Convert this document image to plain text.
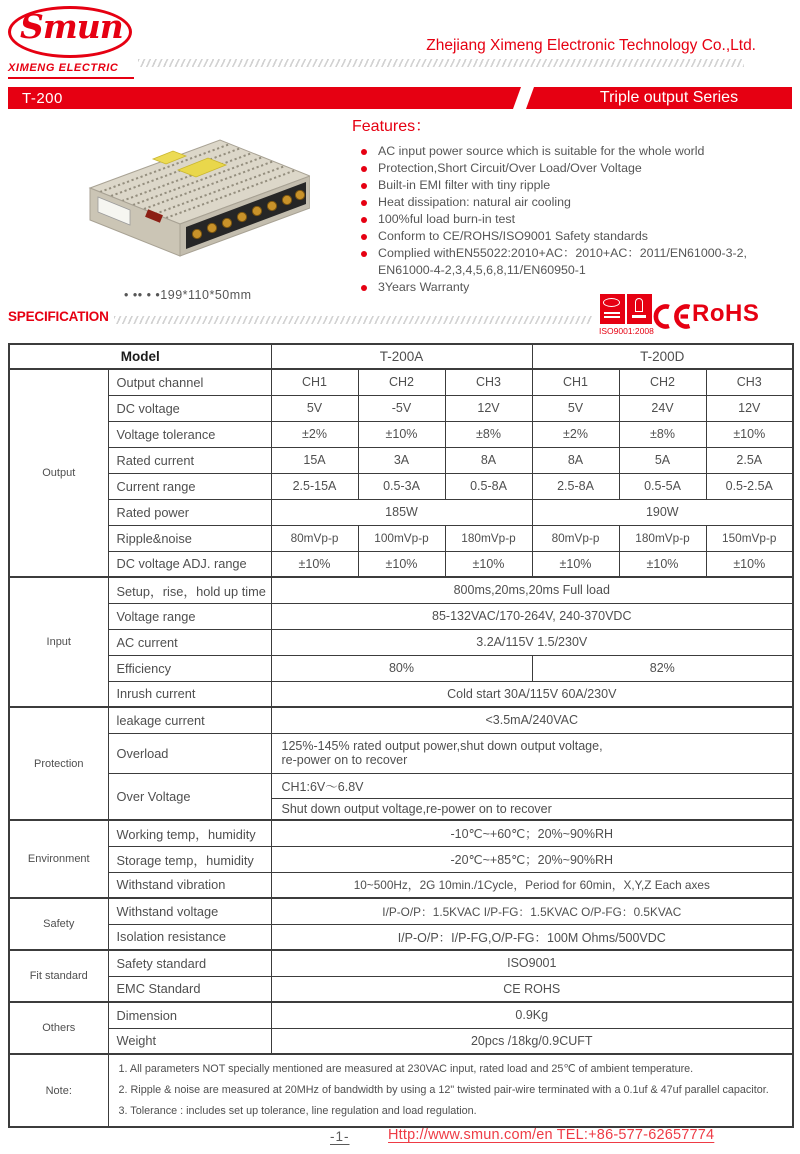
Smun
XIMENG ELECTRIC
Zhejiang Ximeng Electronic Technology Co.,Ltd.
T-200	Triple output Series
• •• • •199*110*50mm
Features：
AC input power source which is suitable for the whole world
Protection,Short Circuit/Over Load/Over Voltage
Built-in EMI filter with tiny ripple
Heat dissipation: natural air cooling
100%ful load burn-in test
Conform to CE/ROHS/ISO9001 Safety standards
Complied withEN55022:2010+AC：2010+AC：2011/EN61000-3-2,
EN61000-4-2,3,4,5,6,8,11/EN60950-1
3Years Warranty
SPECIFICATION
ISO9001:2008
RoHS
Model		T-200A			T-200D		
Output	Output channel	CH1	CH2	CH3	CH1	CH2	CH3
	DC voltage	5V	-5V	12V	5V	24V	12V
	Voltage tolerance	±2%	±10%	±8%	±2%	±8%	±10%
	Rated current	15A	3A	8A	8A	5A	2.5A
	Current range	2.5-15A	0.5-3A	0.5-8A	2.5-8A	0.5-5A	0.5-2.5A
	Rated power	185W			190W		
	Ripple&noise	80mVp-p	100mVp-p	180mVp-p	80mVp-p	180mVp-p	150mVp-p
	DC voltage ADJ. range	±10%	±10%	±10%	±10%	±10%	±10%
Input	Setup，rise，hold up time	800ms,20ms,20ms Full load					
	Voltage range	85-132VAC/170-264V, 240-370VDC					
	AC current	3.2A/115V 1.5/230V					
	Efficiency	80%			82%		
	Inrush current	Cold start 30A/115V 60A/230V					
Protection	leakage current	<3.5mA/240VAC					
	Overload	125%-145% rated output power,shut down output voltage,
re-power on to recover					

	Over Voltage	CH1:6V～6.8V					
		Shut down output voltage,re-power on to recover					
Environment	Working temp，humidity	-10℃~+60℃；20%~90%RH					
	Storage temp，humidity	-20℃~+85℃；20%~90%RH					
	Withstand vibration	10~500Hz，2G 10min./1Cycle，Period for 60min，X,Y,Z Each axes					
Safety	Withstand voltage	I/P-O/P：1.5KVAC I/P-FG：1.5KVAC O/P-FG：0.5KVAC					
	Isolation resistance	I/P-O/P：I/P-FG,O/P-FG：100M Ohms/500VDC					
Fit standard	Safety standard	ISO9001					
	EMC Standard	CE ROHS					
Others	Dimension	0.9Kg					
	Weight	20pcs /18kg/0.9CUFT					
Note:	1. All parameters NOT specially mentioned are measured at 230VAC input, rated load and 25℃ of ambient temperature.
2. Ripple & noise are measured at 20MHz of bandwidth by using a 12" twisted pair-wire terminated with a 0.1uf & 47uf parallel capacitor.
3. Tolerance : includes set up tolerance, line regulation and load regulation.						
-1-	Http://www.smun.com/en TEL:+86-577-62657774
